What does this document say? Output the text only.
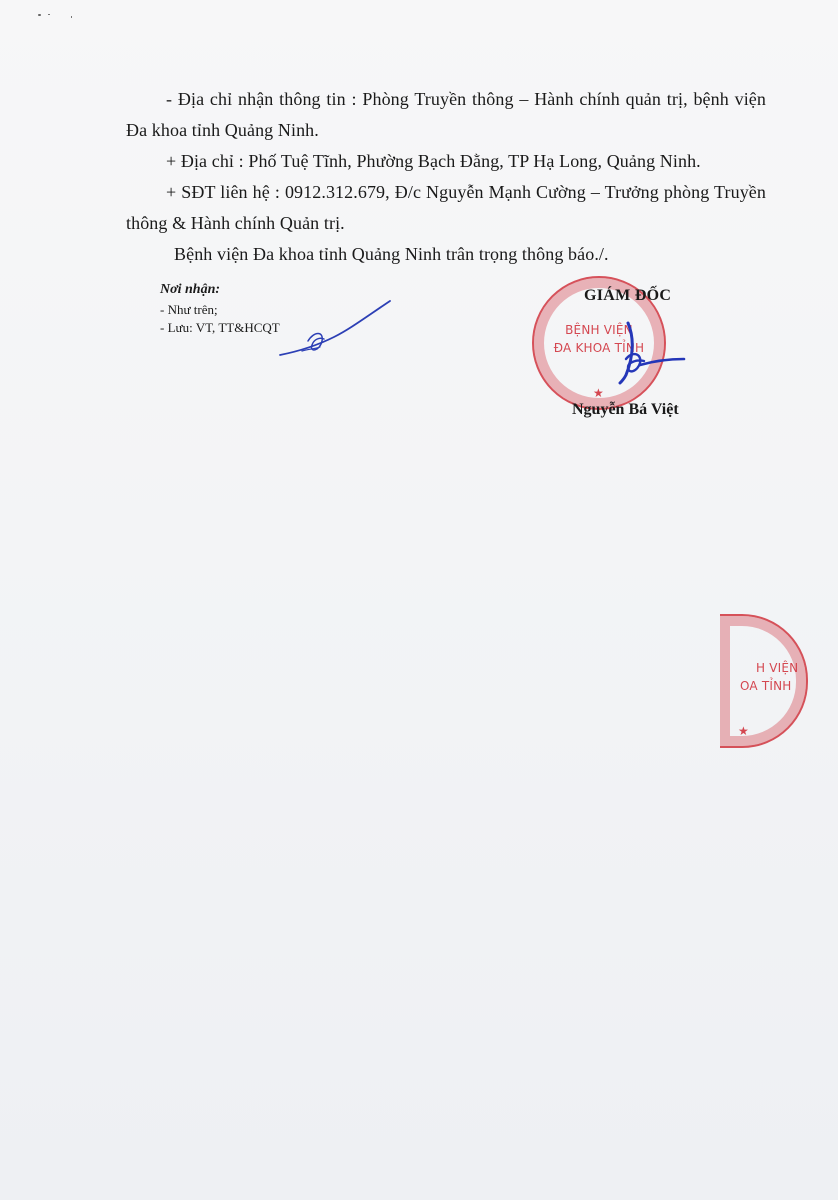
- Địa chỉ nhận thông tin : Phòng Truyền thông – Hành chính quản trị, bệnh viện Đa khoa tỉnh Quảng Ninh.

+ Địa chỉ : Phố Tuệ Tĩnh, Phường Bạch Đằng, TP Hạ Long, Quảng Ninh.

+ SĐT liên hệ : 0912.312.679, Đ/c Nguyễn Mạnh Cường – Trưởng phòng Truyền thông & Hành chính Quản trị.

Bệnh viện Đa khoa tỉnh Quảng Ninh trân trọng thông báo./.

Nơi nhận:
- Như trên;
- Lưu: VT, TT&HCQT	BỆNH VIỆN
ĐA KHOA TỈNH
★
GIÁM ĐỐC
Nguyễn Bá Việt
H VIỆN
OA TỈNH
★
